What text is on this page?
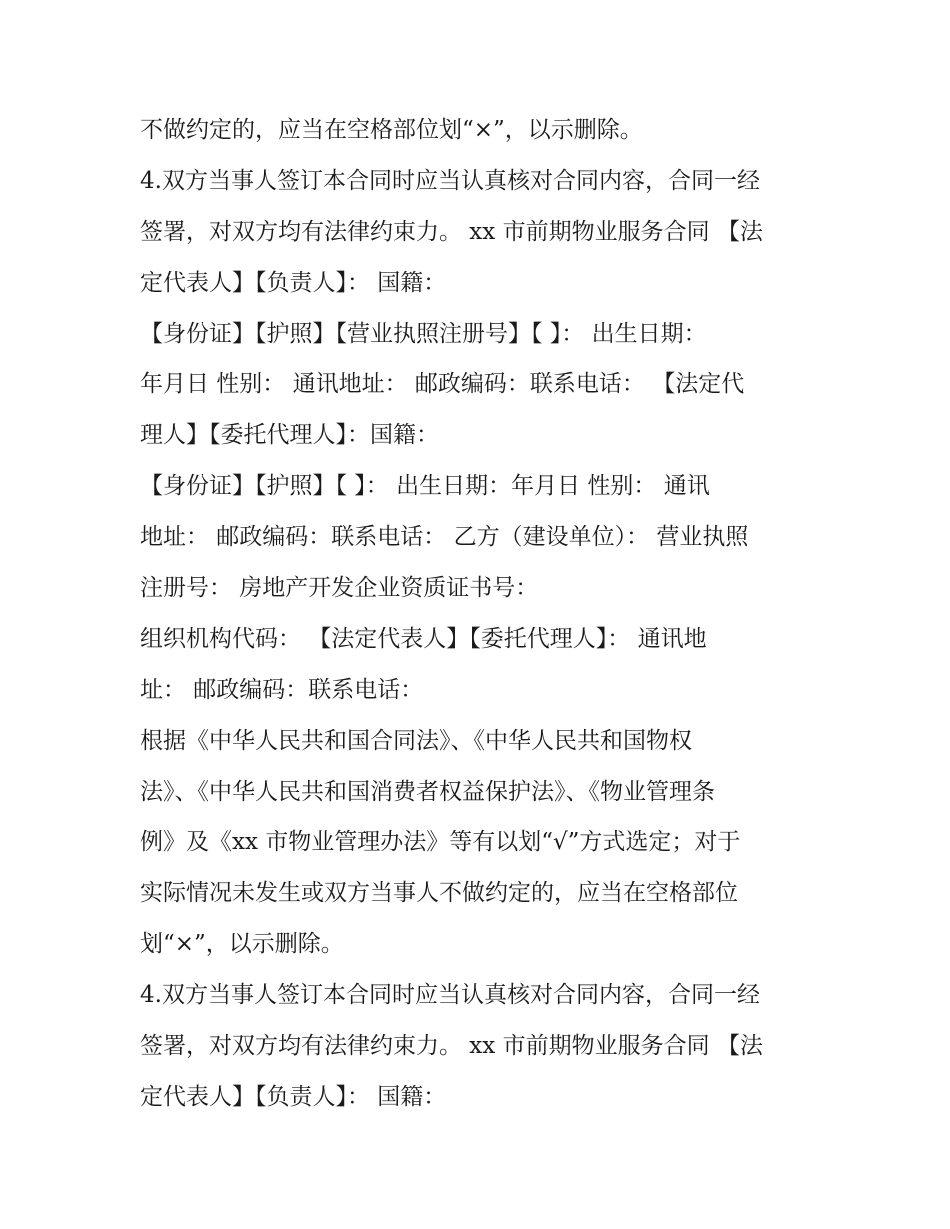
不做约定的，应当在空格部位划“×”，以示删除。
4.双方当事人签订本合同时应当认真核对合同内容，合同一经
签署，对双方均有法律约束力。 xx 市前期物业服务合同 【法
定代表人】【负责人】： 国籍：
【身份证】【护照】【营业执照注册号】【 】： 出生日期：
年月日 性别： 通讯地址： 邮政编码：联系电话： 【法定代
理人】【委托代理人】：国籍：
【身份证】【护照】【 】： 出生日期：年月日 性别： 通讯
地址： 邮政编码：联系电话： 乙方（建设单位）： 营业执照
注册号： 房地产开发企业资质证书号：
组织机构代码： 【法定代表人】【委托代理人】： 通讯地
址： 邮政编码：联系电话：
根据《中华人民共和国合同法》、《中华人民共和国物权
法》、《中华人民共和国消费者权益保护法》、《物业管理条
例》及《xx 市物业管理办法》等有以划“√”方式选定；对于
实际情况未发生或双方当事人不做约定的，应当在空格部位
划“×”，以示删除。
4.双方当事人签订本合同时应当认真核对合同内容，合同一经
签署，对双方均有法律约束力。 xx 市前期物业服务合同 【法
定代表人】【负责人】： 国籍：
